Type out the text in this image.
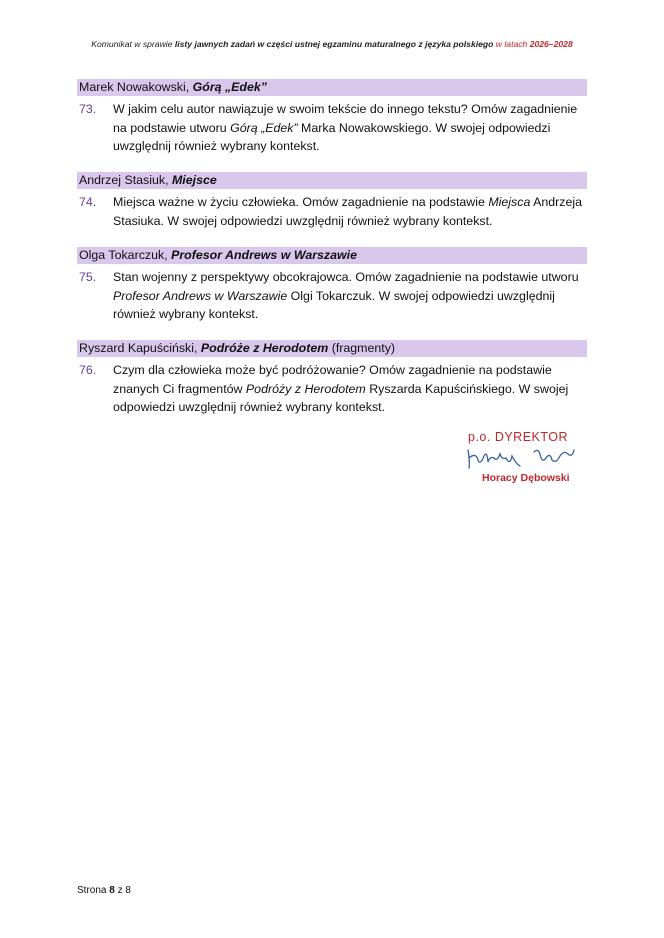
Komunikat w sprawie listy jawnych zadań w części ustnej egzaminu maturalnego z języka polskiego w latach 2026–2028
Marek Nowakowski, Górą „Edek”
73.	W jakim celu autor nawiązuje w swoim tekście do innego tekstu? Omów zagadnienie na podstawie utworu Górą „Edek” Marka Nowakowskiego. W swojej odpowiedzi uwzględnij również wybrany kontekst.
Andrzej Stasiuk, Miejsce
74.	Miejsca ważne w życiu człowieka. Omów zagadnienie na podstawie Miejsca Andrzeja Stasiuka. W swojej odpowiedzi uwzględnij również wybrany kontekst.
Olga Tokarczuk, Profesor Andrews w Warszawie
75.	Stan wojenny z perspektywy obcokrajowca. Omów zagadnienie na podstawie utworu Profesor Andrews w Warszawie Olgi Tokarczuk. W swojej odpowiedzi uwzględnij również wybrany kontekst.
Ryszard Kapuściński, Podróże z Herodotem (fragmenty)
76.	Czym dla człowieka może być podróżowanie? Omów zagadnienie na podstawie znanych Ci fragmentów Podróży z Herodotem Ryszarda Kapuścińskiego. W swojej odpowiedzi uwzględnij również wybrany kontekst.
p.o. DYREKTOR
Horacy Dębowski
Strona 8 z 8
